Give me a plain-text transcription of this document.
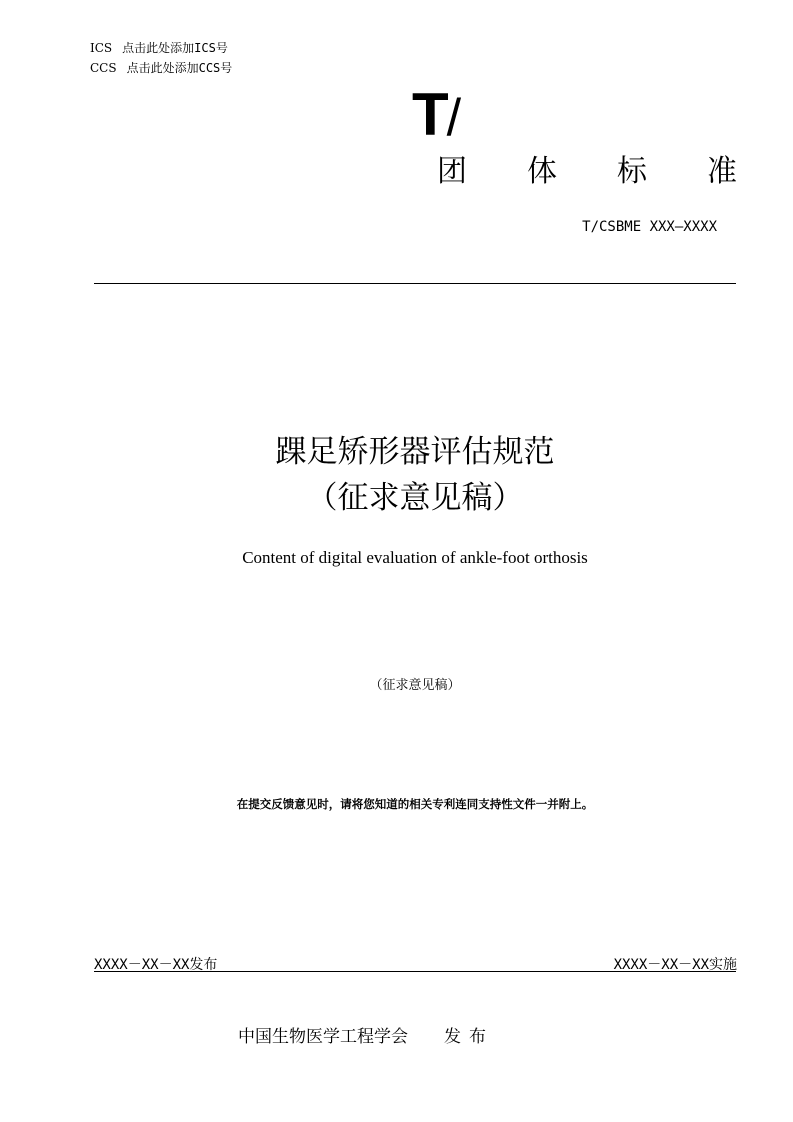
ICS 点击此处添加ICS号
CCS 点击此处添加CCS号
T/
团 体 标 准
T/CSBME XXX—XXXX
踝足矫形器评估规范
（征求意见稿）
Content of digital evaluation of ankle-foot orthosis
（征求意见稿）
在提交反馈意见时，请将您知道的相关专利连同支持性文件一并附上。
XXXX－XX－XX发布	XXXX－XX－XX实施
中国生物医学工程学会 发布
